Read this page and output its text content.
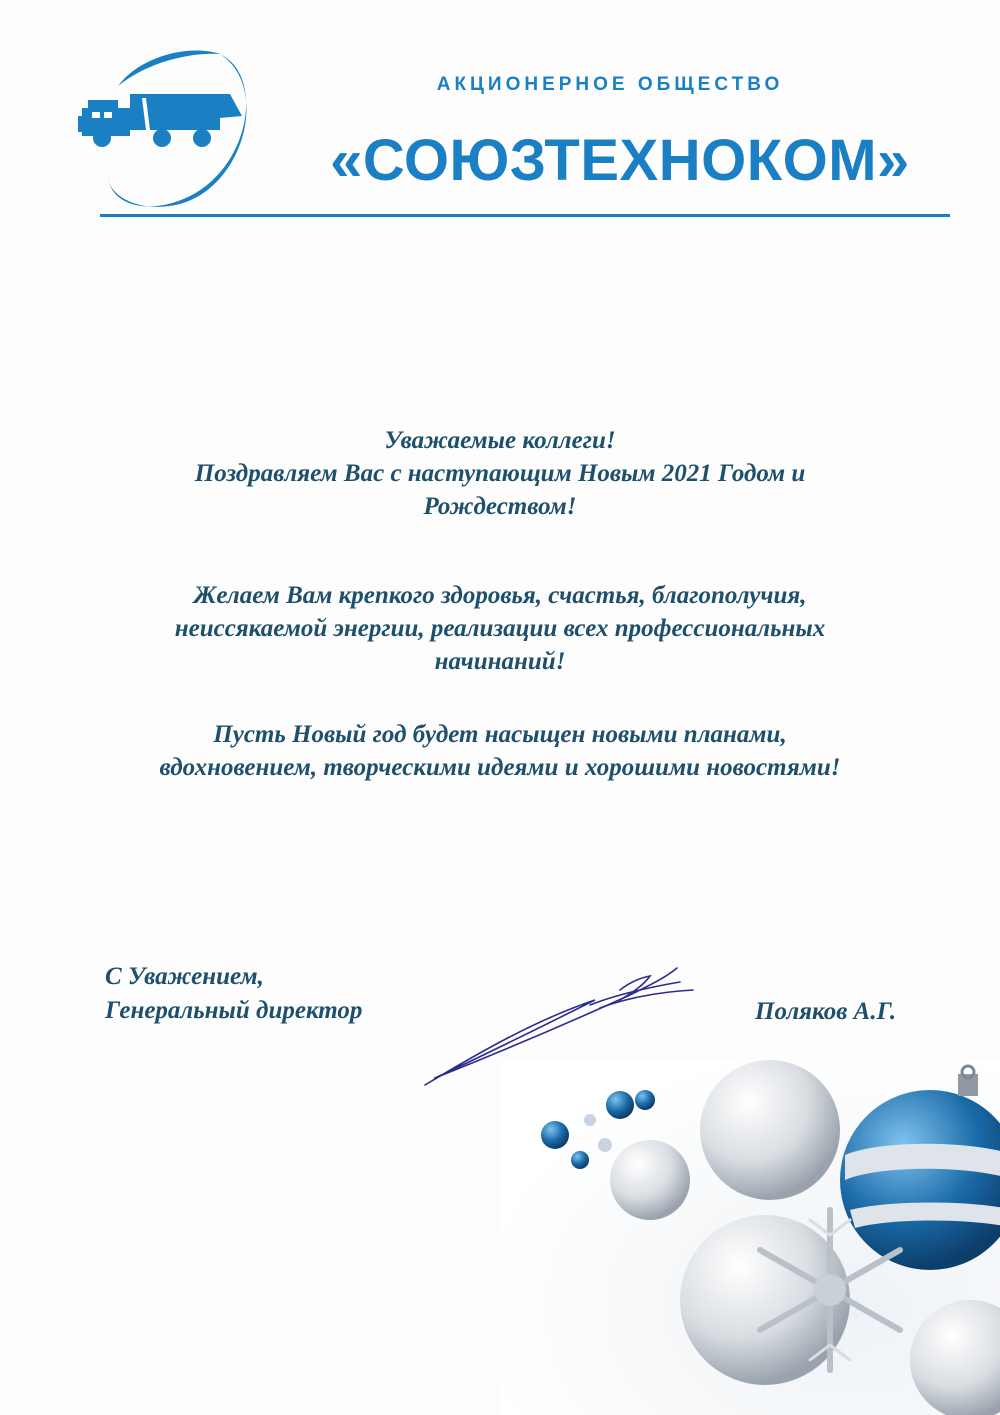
АКЦИОНЕРНОЕ ОБЩЕСТВО
«СОЮЗТЕХНОКОМ»

Уважаемые коллеги!

Поздравляем Вас с наступающим Новым 2021 Годом и

Рождеством!

Желаем Вам крепкого здоровья, счастья, благополучия,

неиссякаемой энергии, реализации всех профессиональных

начинаний!

Пусть Новый год будет насыщен новыми планами,

вдохновением, творческими идеями и хорошими новостями!

С Уважением,
Генеральный директор	Поляков А.Г.
